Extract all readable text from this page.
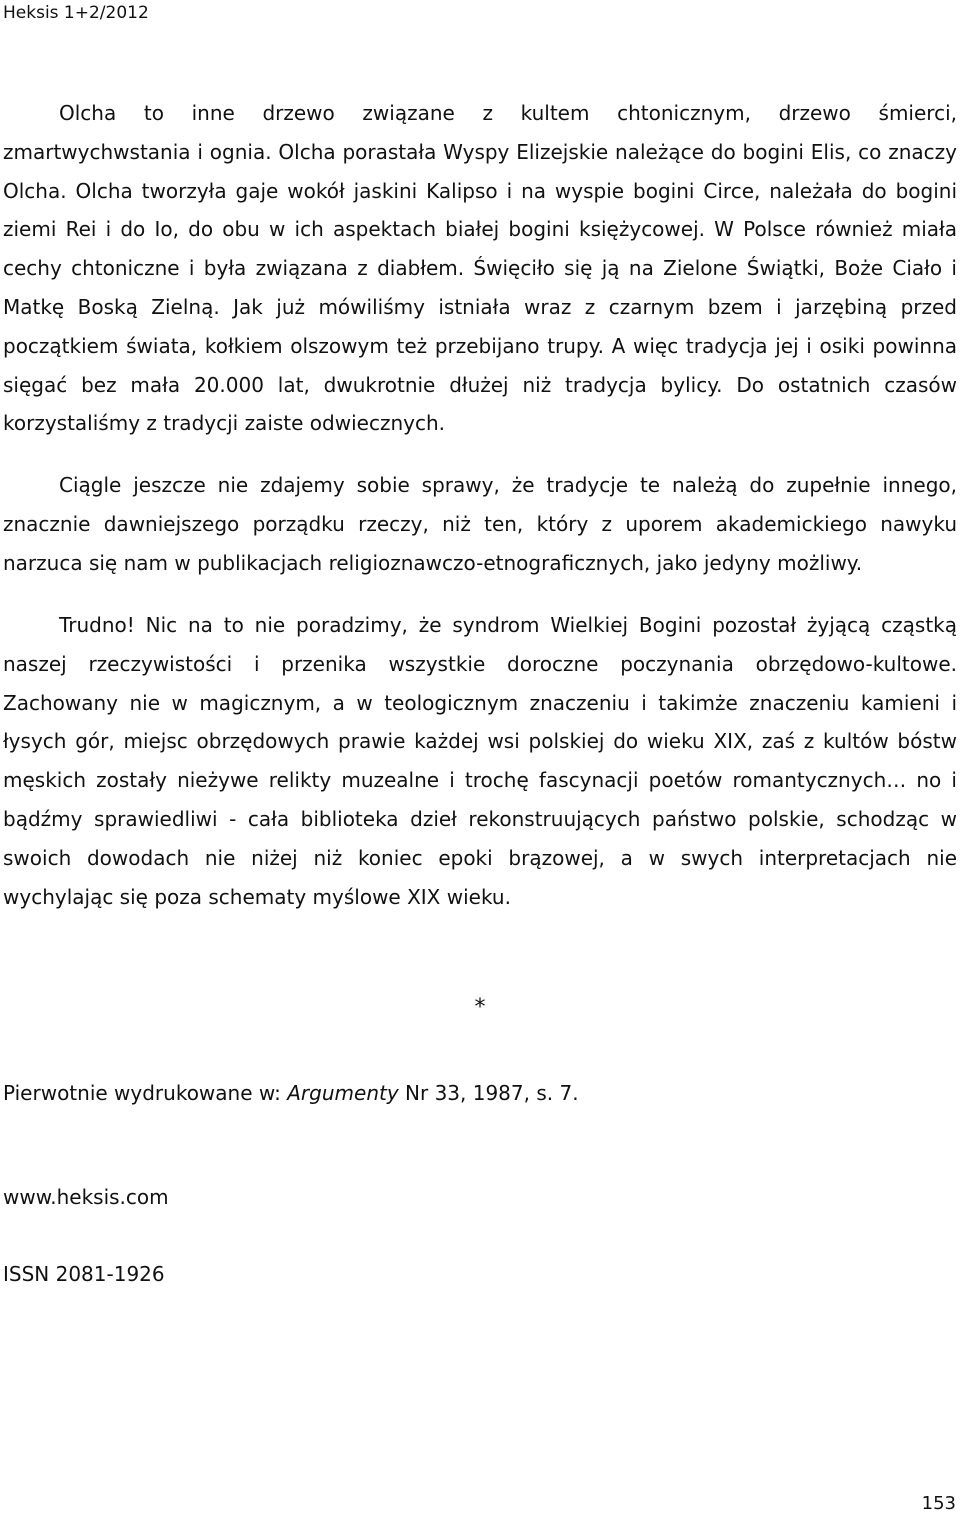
Heksis 1+2/2012

Olcha to inne drzewo związane z kultem chtonicznym, drzewo śmierci, zmartwychwstania i ognia. Olcha porastała Wyspy Elizejskie należące do bogini Elis, co znaczy Olcha. Olcha tworzyła gaje wokół jaskini Kalipso i na wyspie bogini Circe, należała do bogini ziemi Rei i do Io, do obu w ich aspektach białej bogini księżycowej. W Polsce również miała cechy chtoniczne i była związana z diabłem. Święciło się ją na Zielone Świątki, Boże Ciało i Matkę Boską Zielną. Jak już mówiliśmy istniała wraz z czarnym bzem i jarzębiną przed początkiem świata, kołkiem olszowym też przebijano trupy. A więc tradycja jej i osiki powinna sięgać bez mała 20.000 lat, dwukrotnie dłużej niż tradycja bylicy. Do ostatnich czasów korzystaliśmy z tradycji zaiste odwiecznych.

Ciągle jeszcze nie zdajemy sobie sprawy, że tradycje te należą do zupełnie innego, znacznie dawniejszego porządku rzeczy, niż ten, który z uporem akademickiego nawyku narzuca się nam w publikacjach religioznawczo-etnograficznych, jako jedyny możliwy.

Trudno! Nic na to nie poradzimy, że syndrom Wielkiej Bogini pozostał żyjącą cząstką naszej rzeczywistości i przenika wszystkie doroczne poczynania obrzędowo-kultowe. Zachowany nie w magicznym, a w teologicznym znaczeniu i takimże znaczeniu kamieni i łysych gór, miejsc obrzędowych prawie każdej wsi polskiej do wieku XIX, zaś z kultów bóstw męskich zostały nieżywe relikty muzealne i trochę fascynacji poetów romantycznych… no i bądźmy sprawiedliwi - cała biblioteka dzieł rekonstruujących państwo polskie, schodząc w swoich dowodach nie niżej niż koniec epoki brązowej, a w swych interpretacjach nie wychylając się poza schematy myślowe XIX wieku.

*
Pierwotnie wydrukowane w: Argumenty Nr 33, 1987, s. 7.
www.heksis.com
ISSN 2081-1926
153
